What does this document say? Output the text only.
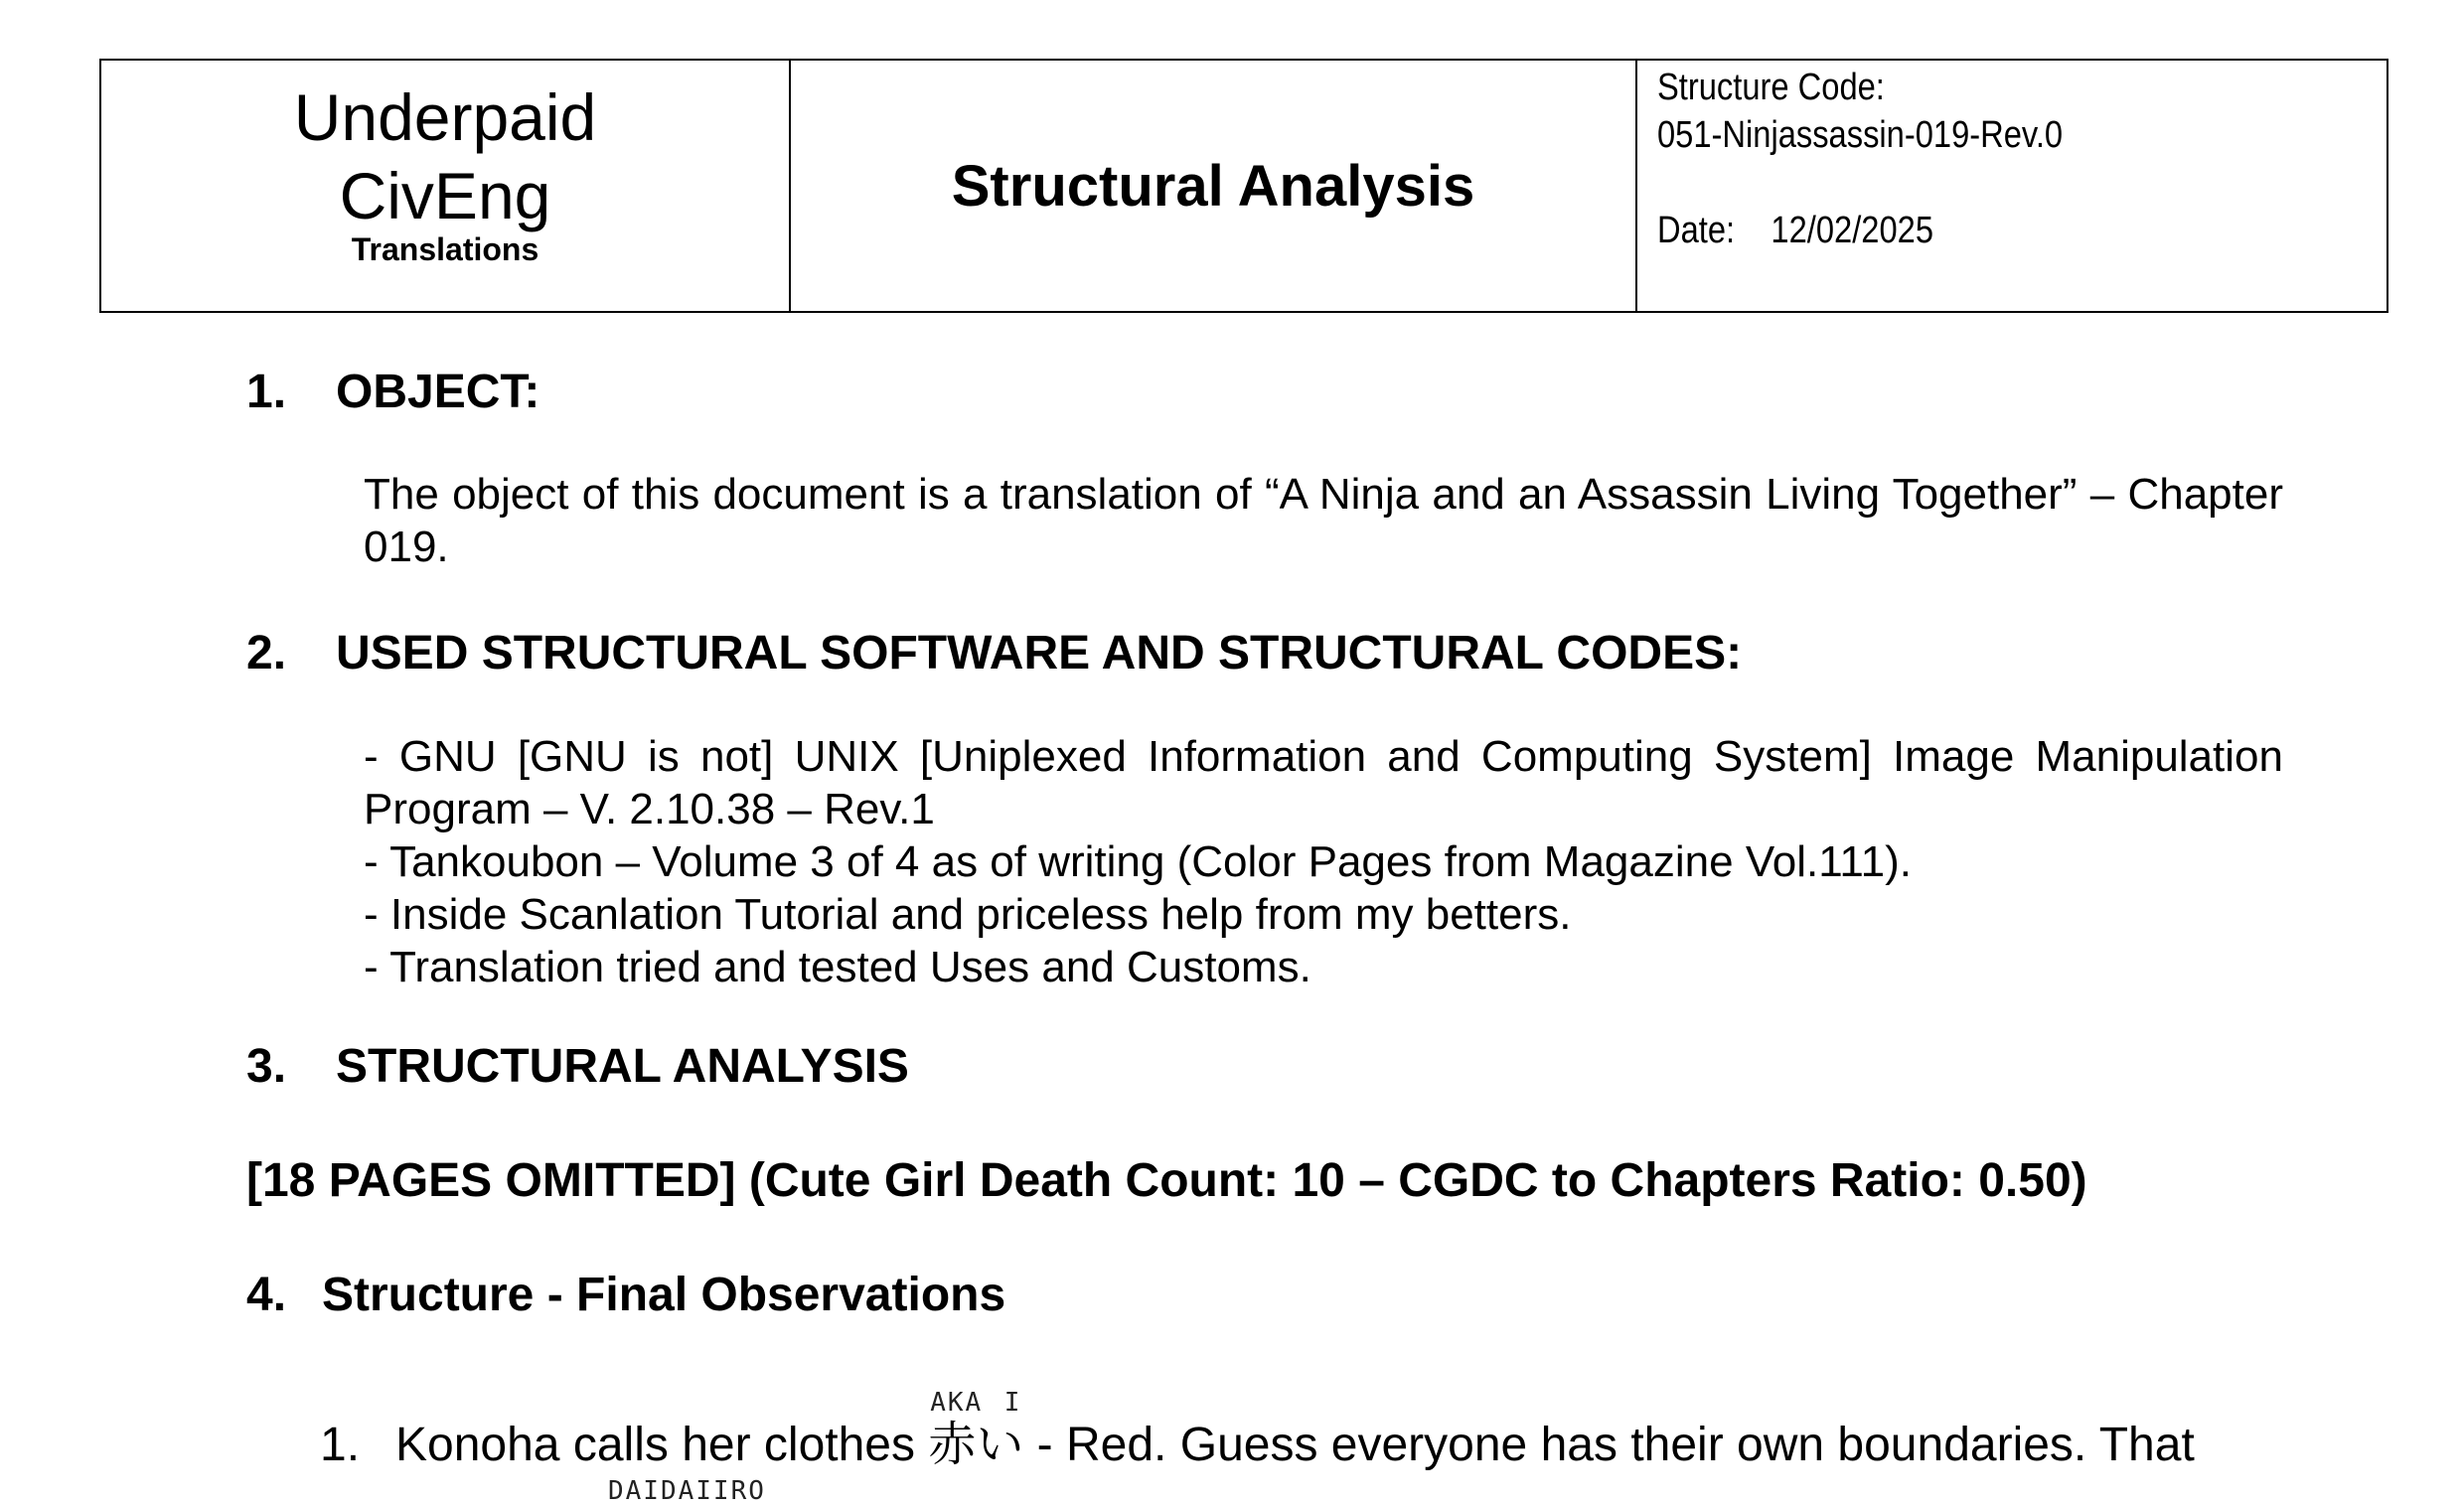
Underpaid
CivEng
Translations
Structural Analysis
Structure Code:
051-Ninjassassin-019-Rev.0
Date: 12/02/2025
1. OBJECT:
The object of this document is a translation of “A Ninja and an Assassin Living Together” – Chapter 019.
2. USED STRUCTURAL SOFTWARE AND STRUCTURAL CODES:
- GNU [GNU is not] UNIX [Uniplexed Information and Computing System] Image Manipulation Program – V. 2.10.38 – Rev.1
- Tankoubon – Volume 3 of 4 as of writing (Color Pages from Magazine Vol.111).
- Inside Scanlation Tutorial and priceless help from my betters.
- Translation tried and tested Uses and Customs.
3. STRUCTURAL ANALYSIS
[18 PAGES OMITTED] (Cute Girl Death Count: 10 – CGDC to Chapters Ratio: 0.50)
4. Structure - Final Observations
1. Konoha calls her clothes 赤いAKA I - Red. Guess everyone has their own boundaries. That
DAIDAIIRO
